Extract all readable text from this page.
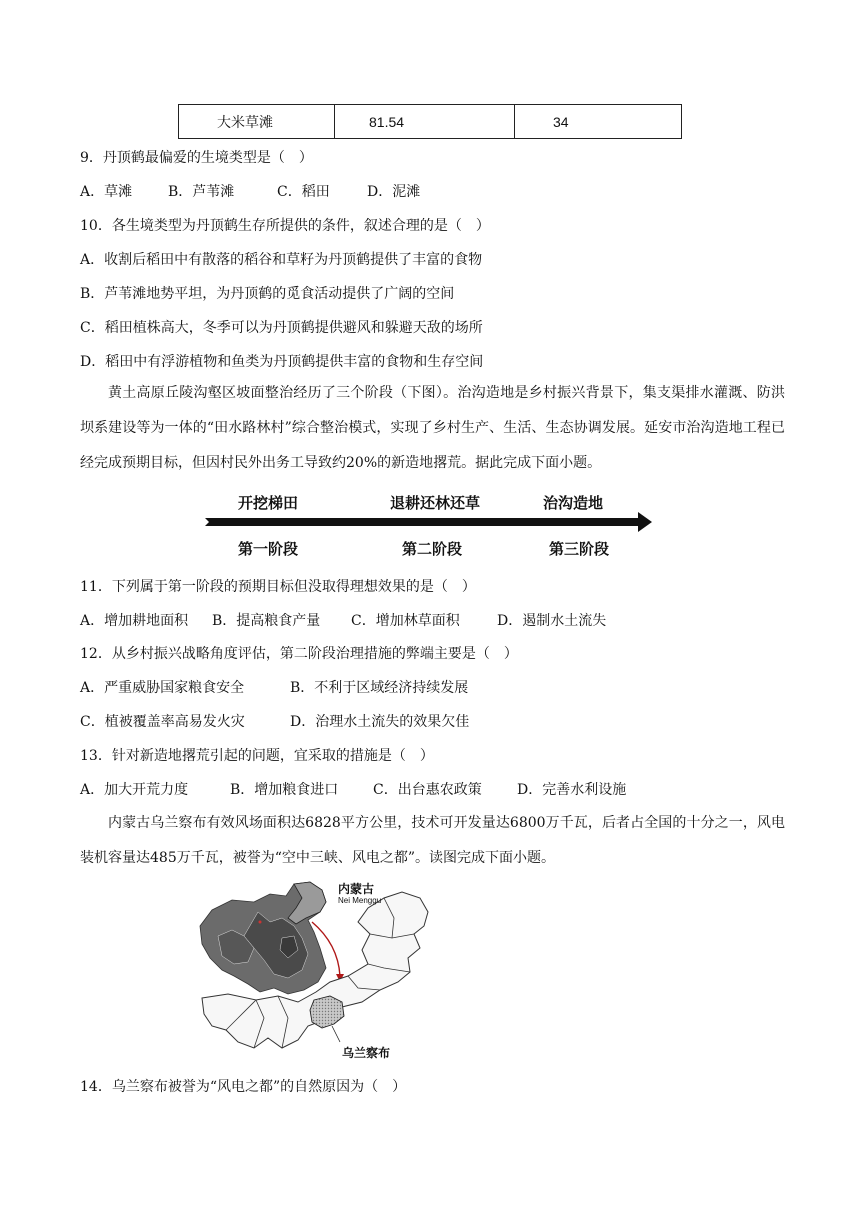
大米草滩	81.54	34
9．丹顶鹤最偏爱的生境类型是（　）
A．草滩	B．芦苇滩	C．稻田	D．泥滩
10．各生境类型为丹顶鹤生存所提供的条件，叙述合理的是（　）
A．收割后稻田中有散落的稻谷和草籽为丹顶鹤提供了丰富的食物
B．芦苇滩地势平坦，为丹顶鹤的觅食活动提供了广阔的空间
C．稻田植株高大，冬季可以为丹顶鹤提供避风和躲避天敌的场所
D．稻田中有浮游植物和鱼类为丹顶鹤提供丰富的食物和生存空间
黄土高原丘陵沟壑区坡面整治经历了三个阶段（下图）。治沟造地是乡村振兴背景下，集支渠排水灌溉、防洪坝系建设等为一体的“田水路林村”综合整治模式，实现了乡村生产、生活、生态协调发展。延安市治沟造地工程已经完成预期目标，但因村民外出务工导致约20%的新造地撂荒。据此完成下面小题。
开挖梯田	退耕还林还草	治沟造地
第一阶段	第二阶段	第三阶段
11．下列属于第一阶段的预期目标但没取得理想效果的是（　）
A．增加耕地面积 B．提高粮食产量 C．增加林草面积	D．遏制水土流失
12．从乡村振兴战略角度评估，第二阶段治理措施的弊端主要是（　）
A．严重威胁国家粮食安全	B．不利于区域经济持续发展
C．植被覆盖率高易发火灾	D．治理水土流失的效果欠佳
13．针对新造地撂荒引起的问题，宜采取的措施是（　）
A．加大开荒力度	B．增加粮食进口 C．出台惠农政策	D．完善水利设施
内蒙古乌兰察布有效风场面积达6828平方公里，技术可开发量达6800万千瓦，后者占全国的十分之一，风电装机容量达485万千瓦，被誉为“空中三峡、风电之都”。读图完成下面小题。
内蒙古
Nei Menggu
乌兰察布
14．乌兰察布被誉为“风电之都”的自然原因为（　）
